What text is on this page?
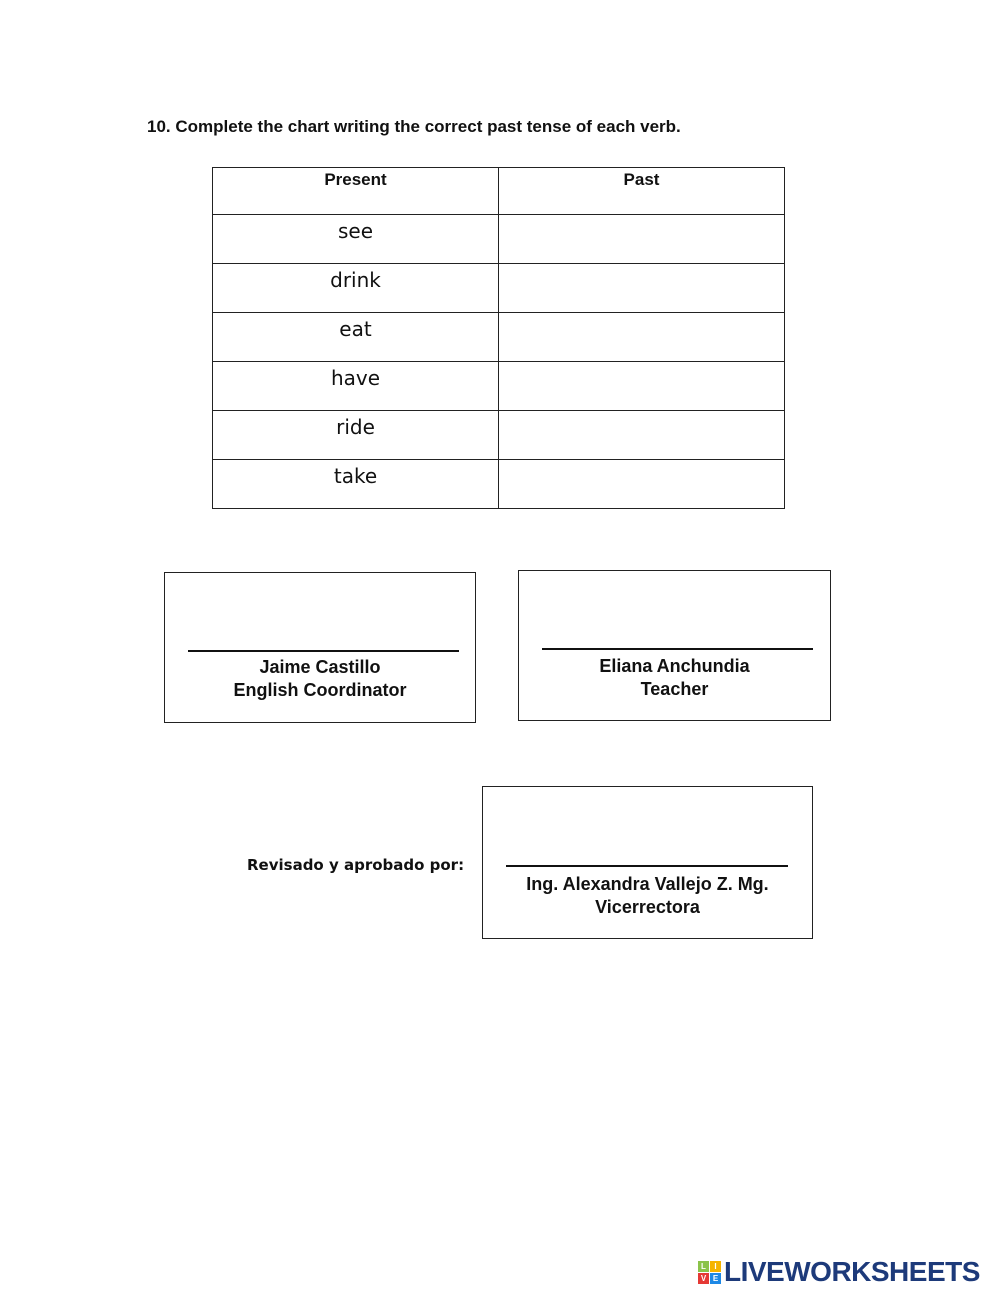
10. Complete the chart writing the correct past tense of each verb.
Present	Past
see	
drink	
eat	
have	
ride	
take	
Jaime Castillo
English Coordinator
Eliana Anchundia
Teacher
Revisado y aprobado por:
Ing. Alexandra Vallejo Z. Mg.
Vicerrectora
L	I
V E LIVEWORKSHEETS
